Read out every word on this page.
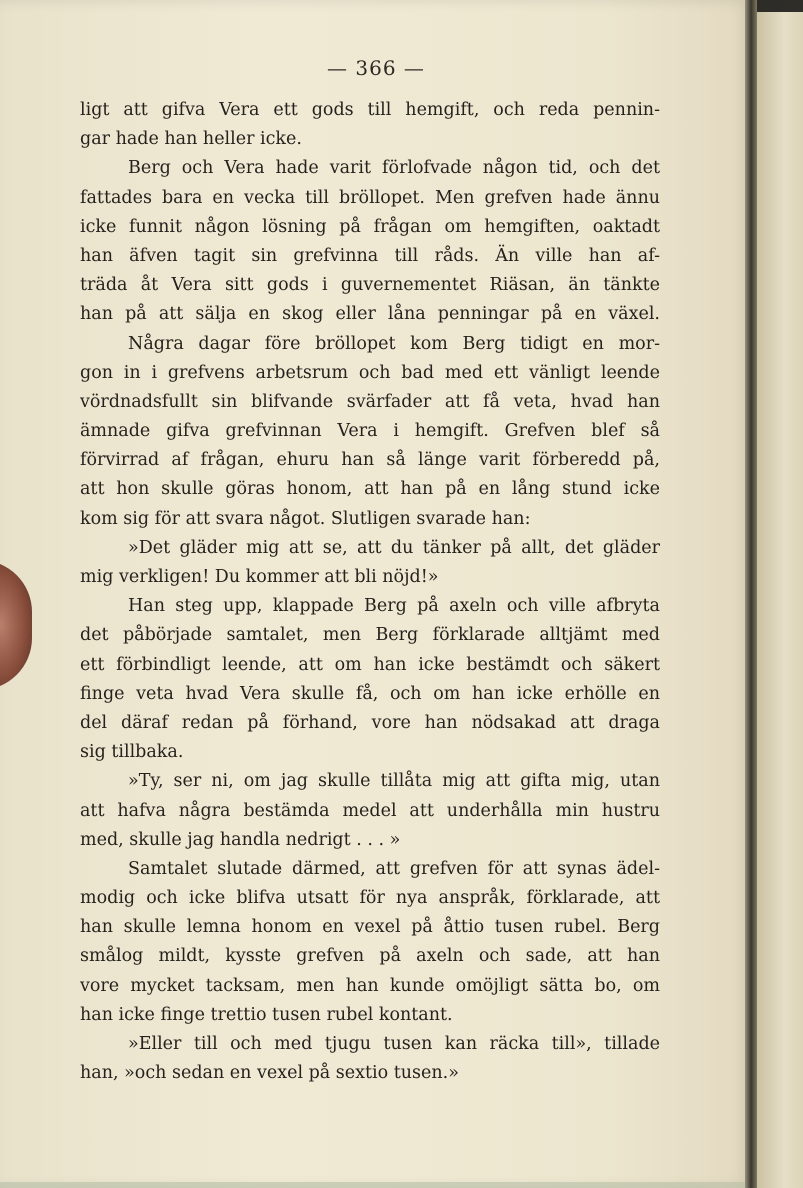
— 366 —
ligt att gifva Vera ett gods till hemgift, och reda pennin-
gar hade han heller icke.
Berg och Vera hade varit förlofvade någon tid, och det
fattades bara en vecka till bröllopet. Men grefven hade ännu
icke funnit någon lösning på frågan om hemgiften, oaktadt
han äfven tagit sin grefvinna till råds. Än ville han af-
träda åt Vera sitt gods i guvernementet Riäsan, än tänkte
han på att sälja en skog eller låna penningar på en växel.
Några dagar före bröllopet kom Berg tidigt en mor-
gon in i grefvens arbetsrum och bad med ett vänligt leende
vördnadsfullt sin blifvande svärfader att få veta, hvad han
ämnade gifva grefvinnan Vera i hemgift. Grefven blef så
förvirrad af frågan, ehuru han så länge varit förberedd på,
att hon skulle göras honom, att han på en lång stund icke
kom sig för att svara något. Slutligen svarade han:
»Det gläder mig att se, att du tänker på allt, det gläder
mig verkligen! Du kommer att bli nöjd!»
Han steg upp, klappade Berg på axeln och ville afbryta
det påbörjade samtalet, men Berg förklarade alltjämt med
ett förbindligt leende, att om han icke bestämdt och säkert
finge veta hvad Vera skulle få, och om han icke erhölle en
del däraf redan på förhand, vore han nödsakad att draga
sig tillbaka.
»Ty, ser ni, om jag skulle tillåta mig att gifta mig, utan
att hafva några bestämda medel att underhålla min hustru
med, skulle jag handla nedrigt . . . »
Samtalet slutade därmed, att grefven för att synas ädel-
modig och icke blifva utsatt för nya anspråk, förklarade, att
han skulle lemna honom en vexel på åttio tusen rubel. Berg
smålog mildt, kysste grefven på axeln och sade, att han
vore mycket tacksam, men han kunde omöjligt sätta bo, om
han icke finge trettio tusen rubel kontant.
»Eller till och med tjugu tusen kan räcka till», tillade
han, »och sedan en vexel på sextio tusen.»
